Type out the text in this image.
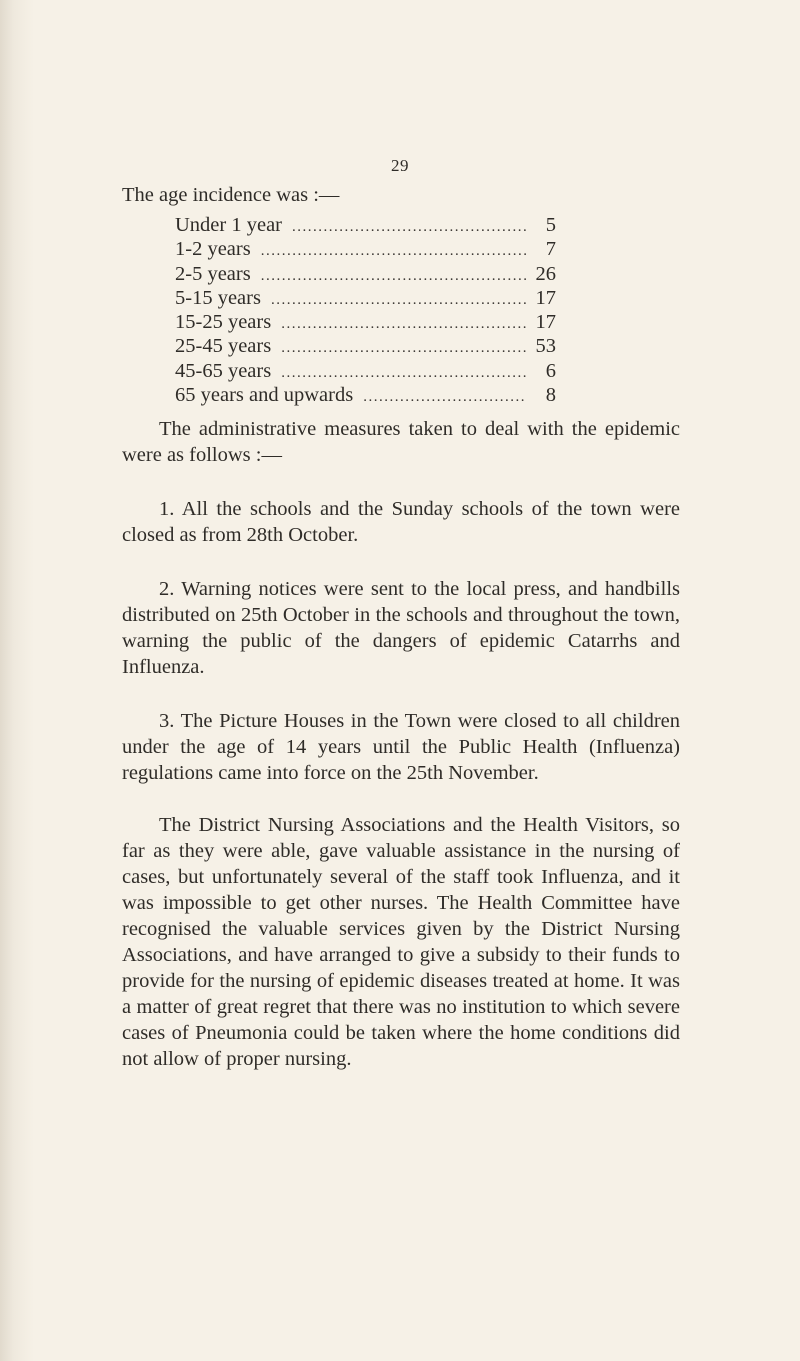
29
The age incidence was :—
Under 1 year .....	5
1-2 years .....	7
2-5 years .....	26
5-15 years .....	17
15-25 years .....	17
25-45 years .....	53
45-65 years .....	6
65 years and upwards .....	8

The administrative measures taken to deal with the epidemic were as follows :—

1. All the schools and the Sunday schools of the town were closed as from 28th October.

2. Warning notices were sent to the local press, and handbills distributed on 25th October in the schools and throughout the town, warning the public of the dangers of epidemic Catarrhs and Influenza.

3. The Picture Houses in the Town were closed to all children under the age of 14 years until the Public Health (Influenza) regulations came into force on the 25th November.

The District Nursing Associations and the Health Visitors, so far as they were able, gave valuable assistance in the nursing of cases, but unfortunately several of the staff took Influenza, and it was impossible to get other nurses. The Health Committee have recognised the valuable services given by the District Nursing Associations, and have arranged to give a subsidy to their funds to provide for the nursing of epidemic diseases treated at home. It was a matter of great regret that there was no institution to which severe cases of Pneumonia could be taken where the home conditions did not allow of proper nursing.
